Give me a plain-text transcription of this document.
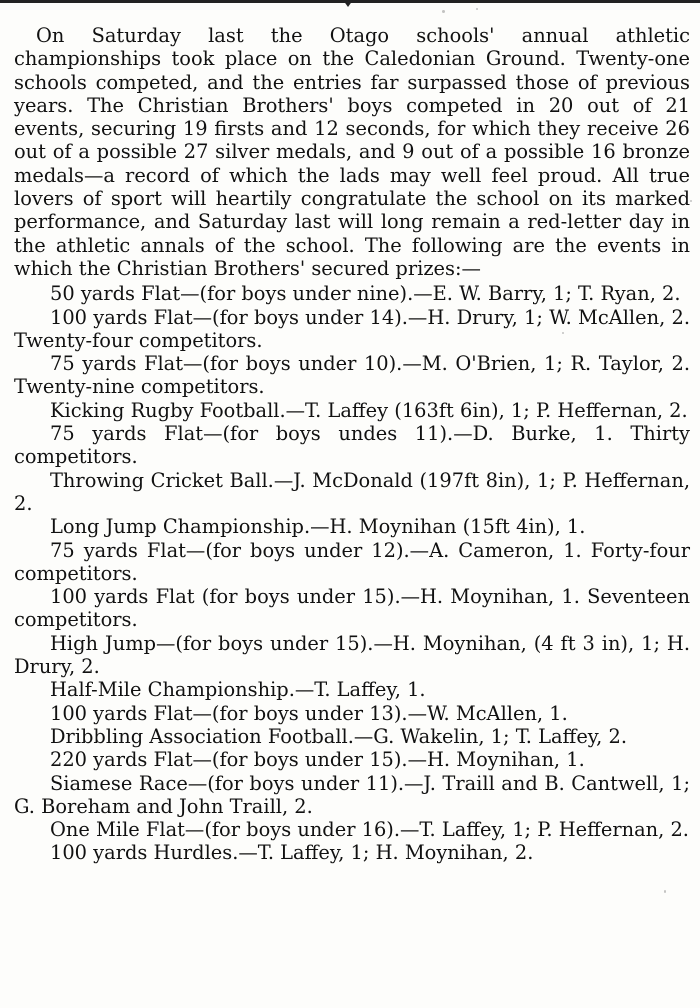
On Saturday last the Otago schools' annual athletic championships took place on the Caledonian Ground. Twenty-one schools competed, and the entries far surpassed those of previous years. The Christian Brothers' boys competed in 20 out of 21 events, securing 19 firsts and 12 seconds, for which they receive 26 out of a possible 27 silver medals, and 9 out of a possible 16 bronze medals—a record of which the lads may well feel proud. All true lovers of sport will heartily congratulate the school on its marked performance, and Saturday last will long remain a red-letter day in the athletic annals of the school. The following are the events in which the Christian Brothers' secured prizes:—

50 yards Flat—(for boys under nine).—E. W. Barry, 1; T. Ryan, 2.

100 yards Flat—(for boys under 14).—H. Drury, 1; W. McAllen, 2. Twenty-four competitors.

75 yards Flat—(for boys under 10).—M. O'Brien, 1; R. Taylor, 2. Twenty-nine competitors.

Kicking Rugby Football.—T. Laffey (163ft 6in), 1; P. Heffernan, 2.

75 yards Flat—(for boys undes 11).—D. Burke, 1. Thirty competitors.

Throwing Cricket Ball.—J. McDonald (197ft 8in), 1; P. Heffernan, 2.

Long Jump Championship.—H. Moynihan (15ft 4in), 1.

75 yards Flat—(for boys under 12).—A. Cameron, 1. Forty-four competitors.

100 yards Flat (for boys under 15).—H. Moynihan, 1. Seventeen competitors.

High Jump—(for boys under 15).—H. Moynihan, (4 ft 3 in), 1; H. Drury, 2.

Half-Mile Championship.—T. Laffey, 1.

100 yards Flat—(for boys under 13).—W. McAllen, 1.

Dribbling Association Football.—G. Wakelin, 1; T. Laffey, 2.

220 yards Flat—(for boys under 15).—H. Moynihan, 1.

Siamese Race—(for boys under 11).—J. Traill and B. Cantwell, 1; G. Boreham and John Traill, 2.

One Mile Flat—(for boys under 16).—T. Laffey, 1; P. Heffernan, 2.

100 yards Hurdles.—T. Laffey, 1; H. Moynihan, 2.
